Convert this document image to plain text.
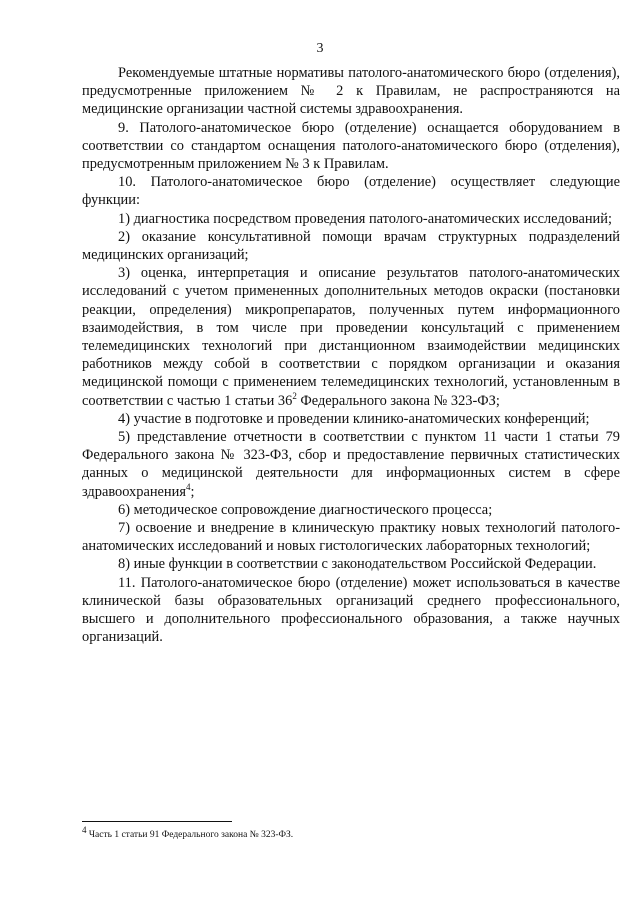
3

Рекомендуемые штатные нормативы патолого-анатомического бюро (отделения), предусмотренные приложением № 2 к Правилам, не распространяются на медицинские организации частной системы здравоохранения.

9. Патолого-анатомическое бюро (отделение) оснащается оборудованием в соответствии со стандартом оснащения патолого-анатомического бюро (отделения), предусмотренным приложением № 3 к Правилам.

10. Патолого-анатомическое бюро (отделение) осуществляет следующие функции:

1) диагностика посредством проведения патолого-анатомических исследований;

2) оказание консультативной помощи врачам структурных подразделений медицинских организаций;

3) оценка, интерпретация и описание результатов патолого-анатомических исследований с учетом примененных дополнительных методов окраски (постановки реакции, определения) микропрепаратов, полученных путем информационного взаимодействия, в том числе при проведении консультаций с применением телемедицинских технологий при дистанционном взаимодействии медицинских работников между собой в соответствии с порядком организации и оказания медицинской помощи с применением телемедицинских технологий, установленным в соответствии с частью 1 статьи $36^2$ Федерального закона № 323-ФЗ;

4) участие в подготовке и проведении клинико-анатомических конференций;

5) представление отчетности в соответствии с пунктом 11 части 1 статьи 79 Федерального закона № 323-ФЗ, сбор и предоставление первичных статистических данных о медицинской деятельности для информационных систем в сфере здравоохранения$^4$;

6) методическое сопровождение диагностического процесса;

7) освоение и внедрение в клиническую практику новых технологий патолого-анатомических исследований и новых гистологических лабораторных технологий;

8) иные функции в соответствии с законодательством Российской Федерации.

11. Патолого-анатомическое бюро (отделение) может использоваться в качестве клинической базы образовательных организаций среднего профессионального, высшего и дополнительного профессионального образования, а также научных организаций.

$^4$ Часть 1 статьи 91 Федерального закона № 323-ФЗ.
